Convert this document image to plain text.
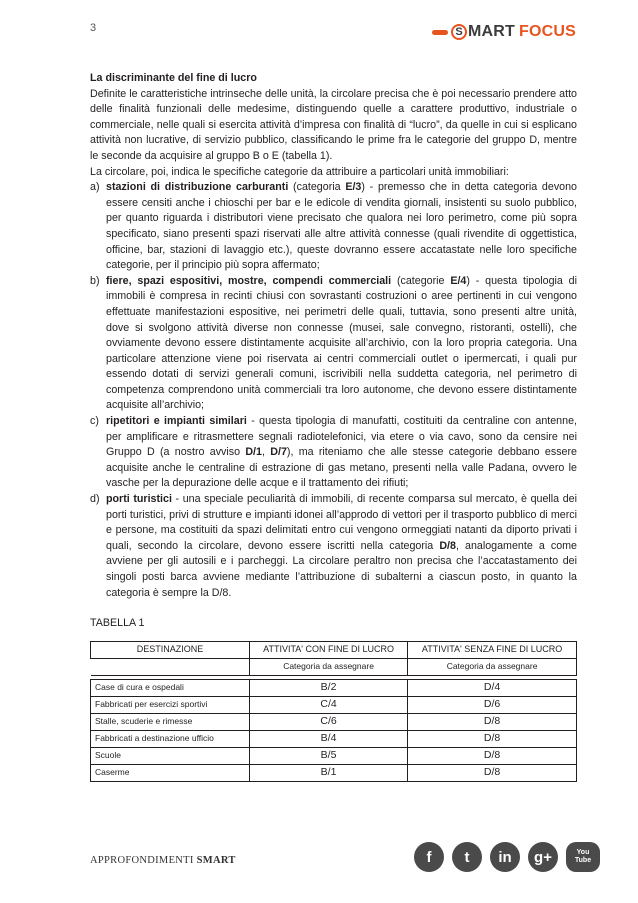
3	S MART FOCUS

La discriminante del fine di lucro

Definite le caratteristiche intrinseche delle unità, la circolare precisa che è poi necessario prendere atto delle finalità funzionali delle medesime, distinguendo quelle a carattere produttivo, industriale o commerciale, nelle quali si esercita attività d’impresa con finalità di “lucro”, da quelle in cui si esplicano attività non lucrative, di servizio pubblico, classificando le prime fra le categorie del gruppo D, mentre le seconde da acquisire al gruppo B o E (tabella 1).

La circolare, poi, indica le specifiche categorie da attribuire a particolari unità immobiliari:

a) stazioni di distribuzione carburanti (categoria E/3) - premesso che in detta categoria devono essere censiti anche i chioschi per bar e le edicole di vendita giornali, insistenti su suolo pubblico, per quanto riguarda i distributori viene precisato che qualora nei loro perimetro, come più sopra specificato, siano presenti spazi riservati alle altre attività connesse (quali rivendite di oggettistica, officine, bar, stazioni di lavaggio etc.), queste dovranno essere accatastate nelle loro specifiche categorie, per il principio più sopra affermato;
b) fiere, spazi espositivi, mostre, compendi commerciali (categorie E/4) - questa tipologia di immobili è compresa in recinti chiusi con sovrastanti costruzioni o aree pertinenti in cui vengono effettuate manifestazioni espositive, nei perimetri delle quali, tuttavia, sono presenti altre unità, dove si svolgono attività diverse non connesse (musei, sale convegno, ristoranti, ostelli), che ovviamente devono essere distintamente acquisite all’archivio, con la loro propria categoria. Una particolare attenzione viene poi riservata ai centri commerciali outlet o ipermercati, i quali pur essendo dotati di servizi generali comuni, iscrivibili nella suddetta categoria, nel perimetro di competenza comprendono unità commerciali tra loro autonome, che devono essere distintamente acquisite all’archivio;
c) ripetitori e impianti similari - questa tipologia di manufatti, costituiti da centraline con antenne, per amplificare e ritrasmettere segnali radiotelefonici, via etere o via cavo, sono da censire nei Gruppo D (a nostro avviso D/1, D/7), ma riteniamo che alle stesse categorie debbano essere acquisite anche le centraline di estrazione di gas metano, presenti nella valle Padana, ovvero le vasche per la depurazione delle acque e il trattamento dei rifiuti;
d) porti turistici - una speciale peculiarità di immobili, di recente comparsa sul mercato, è quella dei porti turistici, privi di strutture e impianti idonei all’approdo di vettori per il trasporto pubblico di merci e persone, ma costituiti da spazi delimitati entro cui vengono ormeggiati natanti da diporto privati i quali, secondo la circolare, devono essere iscritti nella categoria D/8, analogamente a come avviene per gli autosili e i parcheggi. La circolare peraltro non precisa che l’accatastamento dei singoli posti barca avviene mediante l’attribuzione di subalterni a ciascun posto, in quanto la categoria è sempre la D/8.
TABELLA 1
DESTINAZIONE	ATTIVITA' CON FINE DI LUCRO	ATTIVITA' SENZA FINE DI LUCRO
	Categoria da assegnare	Categoria da assegnare

Case di cura e ospedali	B/2	D/4
Fabbricati per esercizi sportivi	C/4	D/6
Stalle, scuderie e rimesse	C/6	D/8
Fabbricati a destinazione ufficio	B/4	D/8
Scuole	B/5	D/8
Caserme	B/1	D/8
APPROFONDIMENTI SMART	f	t	in	g+	You
Tube
